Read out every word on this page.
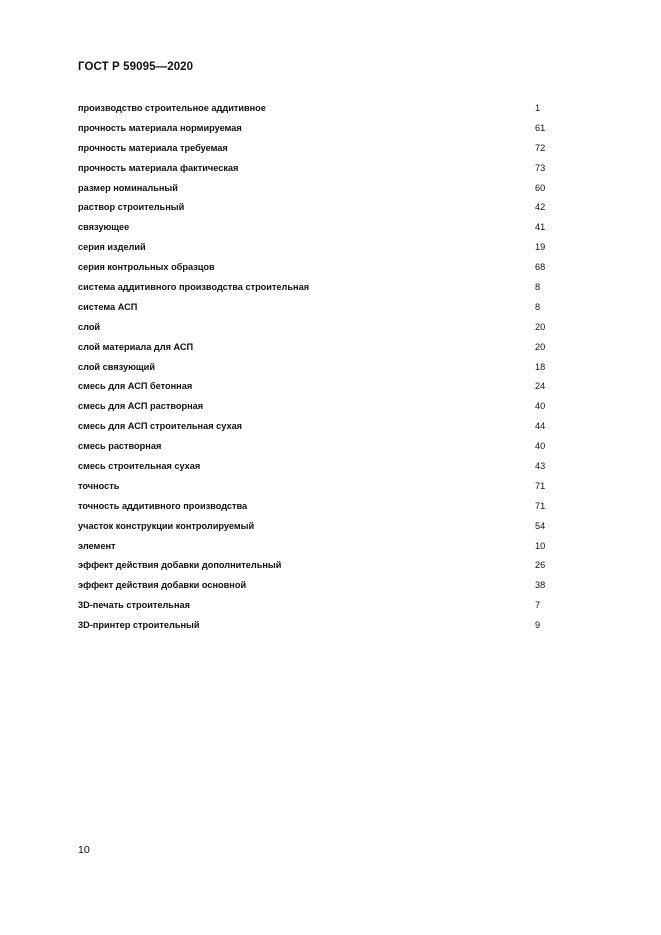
ГОСТ Р 59095—2020
производство строительное аддитивное	1
прочность материала нормируемая	61
прочность материала требуемая	72
прочность материала фактическая	73
размер номинальный	60
раствор строительный	42
связующее	41
серия изделий	19
серия контрольных образцов	68
система аддитивного производства строительная	8
система АСП	8
слой	20
слой материала для АСП	20
слой связующий	18
смесь для АСП бетонная	24
смесь для АСП растворная	40
смесь для АСП строительная сухая	44
смесь растворная	40
смесь строительная сухая	43
точность	71
точность аддитивного производства	71
участок конструкции контролируемый	54
элемент	10
эффект действия добавки дополнительный	26
эффект действия добавки основной	38
3D-печать строительная	7
3D-принтер строительный	9
10
